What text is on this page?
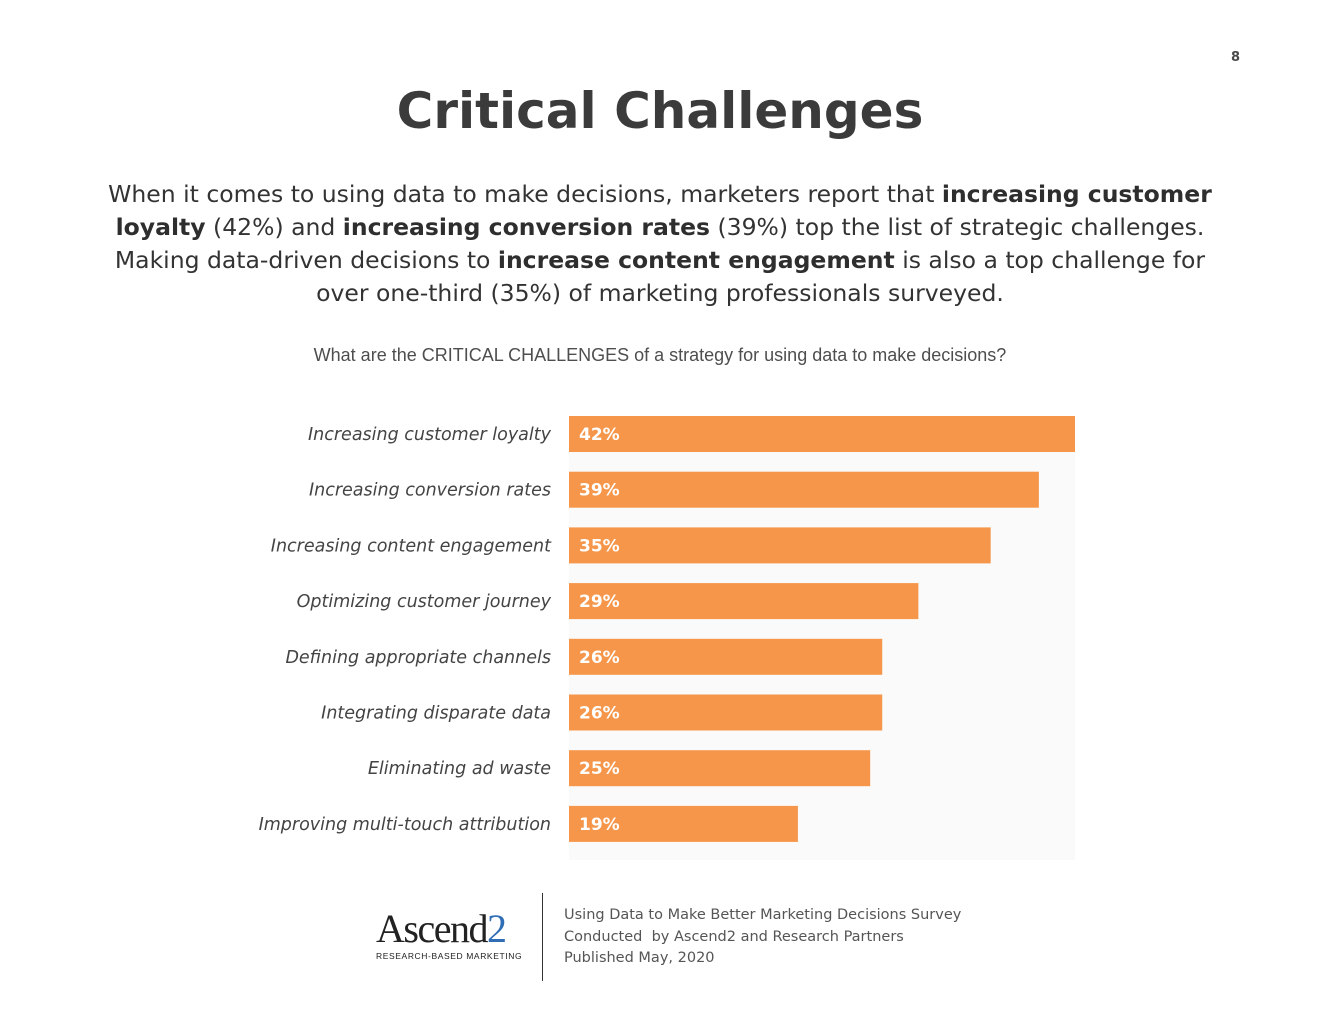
8
Critical Challenges

When it comes to using data to make decisions, marketers report that increasing customer loyalty (42%) and increasing conversion rates (39%) top the list of strategic challenges. Making data-driven decisions to increase content engagement is also a top challenge for over one-third (35%) of marketing professionals surveyed.

What are the CRITICAL CHALLENGES of a strategy for using data to make decisions?
Increasing customer loyalty
Increasing conversion rates
Increasing content engagement
Optimizing customer journey
Defining appropriate channels
Integrating disparate data
Eliminating ad waste
Improving multi-touch attribution
42%
39%
35%
29%
26%
26%
25%
19%
Ascend2
RESEARCH-BASED MARKETING
Using Data to Make Better Marketing Decisions Survey
Conducted  by Ascend2 and Research Partners
Published May, 2020
